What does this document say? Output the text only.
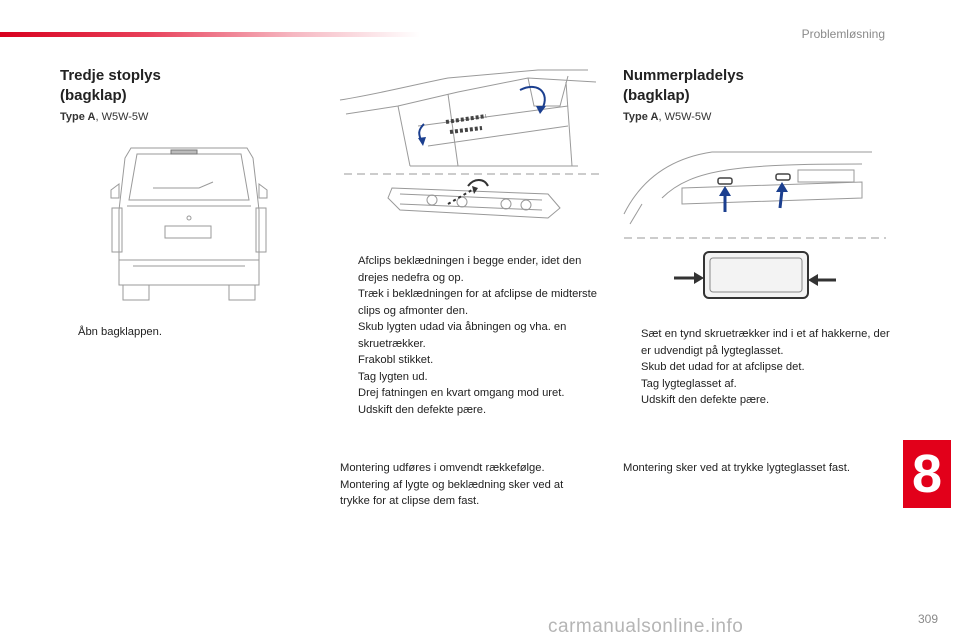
Problemløsning
Tredje stoplys
(bagklap)
Type A, W5W-5W
Åbn bagklappen.
Afclips beklædningen i begge ender, idet den drejes nedefra og op.
Træk i beklædningen for at afclipse de midterste clips og afmonter den.
Skub lygten udad via åbningen og vha. en skruetrækker.
Frakobl stikket.
Tag lygten ud.
Drej fatningen en kvart omgang mod uret.
Udskift den defekte pære.

Montering udføres i omvendt rækkefølge.

Montering af lygte og beklædning sker ved at

trykke for at clipse dem fast.

Nummerpladelys
(bagklap)
Type A, W5W-5W
Sæt en tynd skruetrækker ind i et af hakkerne, der er udvendigt på lygteglasset.
Skub det udad for at afclipse det.
Tag lygteglasset af.
Udskift den defekte pære.

Montering sker ved at trykke lygteglasset fast.	8
carmanualsonline.info	309
